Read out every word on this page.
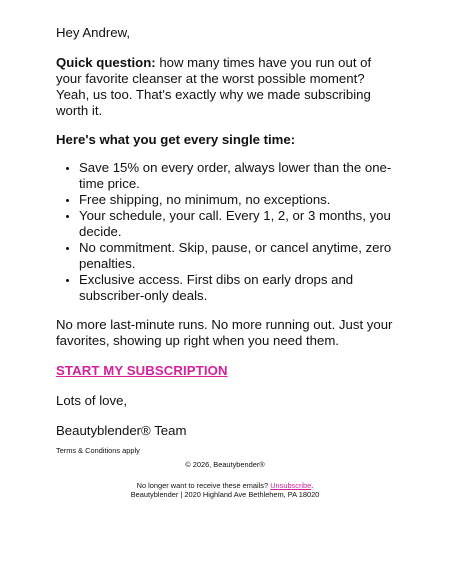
Hey Andrew,

Quick question: how many times have you run out of your favorite cleanser at the worst possible moment? Yeah, us too. That's exactly why we made subscribing worth it.

Here's what you get every single time:

• Save 15% on every order, always lower than the one-time price.
• Free shipping, no minimum, no exceptions.
• Your schedule, your call. Every 1, 2, or 3 months, you decide.
• No commitment. Skip, pause, or cancel anytime, zero penalties.
• Exclusive access. First dibs on early drops and subscriber-only deals.

No more last-minute runs. No more running out. Just your favorites, showing up right when you need them.

START MY SUBSCRIPTION

Lots of love,

Beautyblender® Team

Terms & Conditions apply

© 2026, Beautybender®
No longer want to receive these emails? Unsubscribe.
Beautyblender | 2020 Highland Ave Bethlehem, PA 18020
